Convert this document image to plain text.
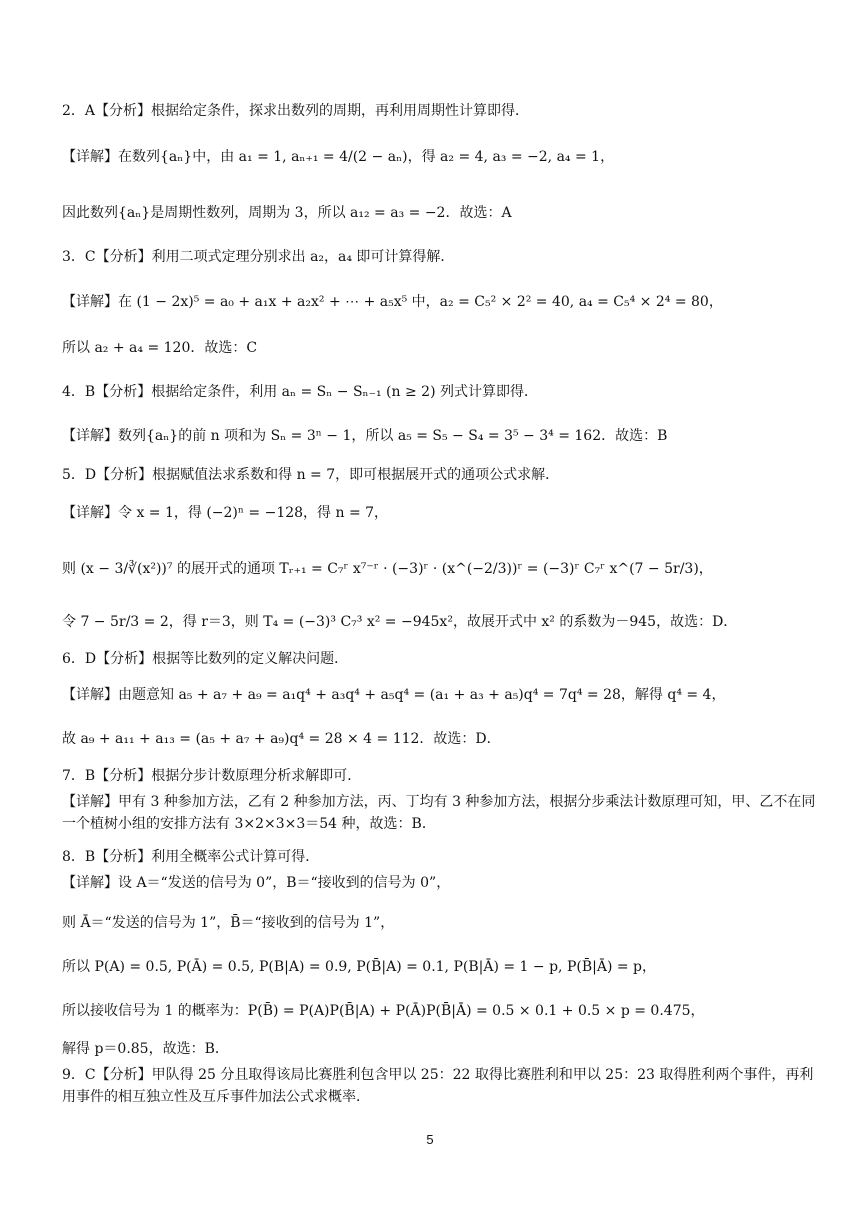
2．A【分析】根据给定条件，探求出数列的周期，再利用周期性计算即得．
【详解】在数列{aₙ}中，由 a₁ = 1, aₙ₊₁ = 4/(2 − aₙ)，得 a₂ = 4, a₃ = −2, a₄ = 1，
因此数列{aₙ}是周期性数列，周期为 3，所以 a₁₂ = a₃ = −2．故选：A
3．C【分析】利用二项式定理分别求出 a₂，a₄ 即可计算得解．
【详解】在 (1 − 2x)⁵ = a₀ + a₁x + a₂x² + ⋯ + a₅x⁵ 中，a₂ = C₅² × 2² = 40, a₄ = C₅⁴ × 2⁴ = 80，
所以 a₂ + a₄ = 120．故选：C
4．B【分析】根据给定条件，利用 aₙ = Sₙ − Sₙ₋₁ (n ≥ 2) 列式计算即得．
【详解】数列{aₙ}的前 n 项和为 Sₙ = 3ⁿ − 1，所以 a₅ = S₅ − S₄ = 3⁵ − 3⁴ = 162．故选：B
5．D【分析】根据赋值法求系数和得 n = 7，即可根据展开式的通项公式求解．
【详解】令 x = 1，得 (−2)ⁿ = −128，得 n = 7，
则 (x − 3/∛(x²))⁷ 的展开式的通项 Tᵣ₊₁ = C₇ʳ x⁷⁻ʳ · (−3)ʳ · (x^(−2/3))ʳ = (−3)ʳ C₇ʳ x^(7 − 5r/3)，
令 7 − 5r/3 = 2，得 r＝3，则 T₄ = (−3)³ C₇³ x² = −945x²，故展开式中 x² 的系数为－945，故选：D．
6．D【分析】根据等比数列的定义解决问题．
【详解】由题意知 a₅ + a₇ + a₉ = a₁q⁴ + a₃q⁴ + a₅q⁴ = (a₁ + a₃ + a₅)q⁴ = 7q⁴ = 28，解得 q⁴ = 4，
故 a₉ + a₁₁ + a₁₃ = (a₅ + a₇ + a₉)q⁴ = 28 × 4 = 112．故选：D．
7．B【分析】根据分步计数原理分析求解即可．
【详解】甲有 3 种参加方法，乙有 2 种参加方法，丙、丁均有 3 种参加方法，根据分步乘法计数原理可知，甲、乙不在同一个植树小组的安排方法有 3×2×3×3＝54 种，故选：B．
8．B【分析】利用全概率公式计算可得．
【详解】设 A＝“发送的信号为 0”，B＝“接收到的信号为 0”，
则 Ā＝“发送的信号为 1”，B̄＝“接收到的信号为 1”，
所以 P(A) = 0.5, P(Ā) = 0.5, P(B|A) = 0.9, P(B̄|A) = 0.1, P(B|Ā) = 1 − p, P(B̄|Ā) = p，
所以接收信号为 1 的概率为：P(B̄) = P(A)P(B̄|A) + P(Ā)P(B̄|Ā) = 0.5 × 0.1 + 0.5 × p = 0.475，
解得 p＝0.85，故选：B．
9．C【分析】甲队得 25 分且取得该局比赛胜利包含甲以 25：22 取得比赛胜利和甲以 25：23 取得胜利两个事件，再利用事件的相互独立性及互斥事件加法公式求概率．
5
